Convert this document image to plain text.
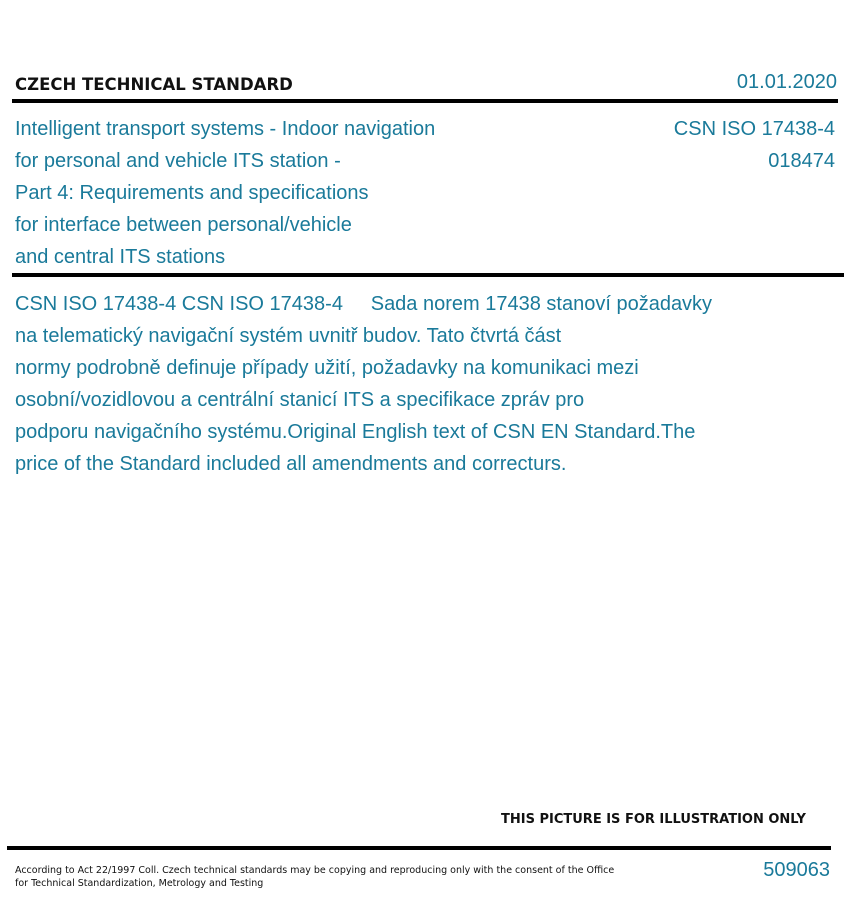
CZECH TECHNICAL STANDARD	01.01.2020
Intelligent transport systems - Indoor navigation
for personal and vehicle ITS station -
Part 4: Requirements and specifications
for interface between personal/vehicle
and central ITS stations
CSN ISO 17438-4
018474
CSN ISO 17438-4 CSN ISO 17438-4     Sada norem 17438 stanoví požadavky
na telematický navigační systém uvnitř budov. Tato čtvrtá část
normy podrobně definuje případy užití, požadavky na komunikaci mezi
osobní/vozidlovou a centrální stanicí ITS a specifikace zpráv pro
podporu navigačního systému.Original English text of CSN EN Standard.The
price of the Standard included all amendments and correcturs.
THIS PICTURE IS FOR ILLUSTRATION ONLY
According to Act 22/1997 Coll. Czech technical standards may be copying and reproducing only with the consent of the Office
for Technical Standardization, Metrology and Testing
509063
